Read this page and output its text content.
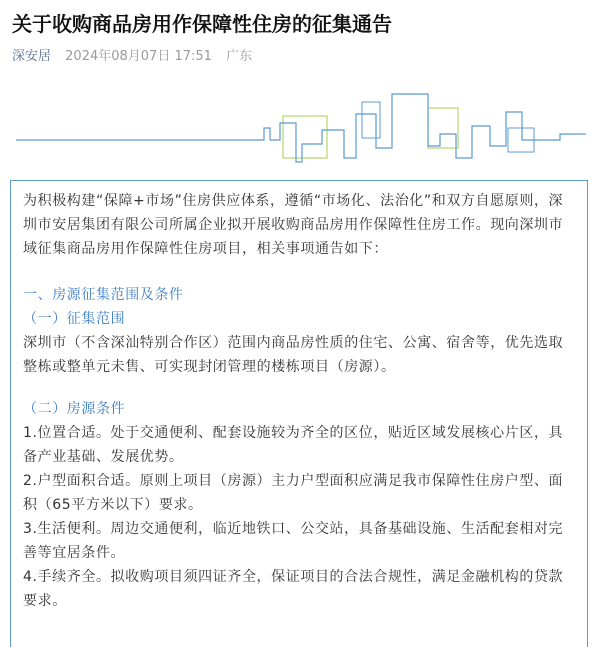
关于收购商品房用作保障性住房的征集通告
深安居 2024年08月07日 17:51 广东

为积极构建“保障+市场”住房供应体系，遵循“市场化、法治化”和双方自愿原则，深圳市安居集团有限公司所属企业拟开展收购商品房用作保障性住房工作。现向深圳市域征集商品房用作保障性住房项目，相关事项通告如下：

一、房源征集范围及条件

（一）征集范围

深圳市（不含深汕特别合作区）范围内商品房性质的住宅、公寓、宿舍等，优先选取整栋或整单元未售、可实现封闭管理的楼栋项目（房源）。

（二）房源条件

1.位置合适。处于交通便利、配套设施较为齐全的区位，贴近区域发展核心片区，具备产业基础、发展优势。

2.户型面积合适。原则上项目（房源）主力户型面积应满足我市保障性住房户型、面积（65平方米以下）要求。

3.生活便利。周边交通便利，临近地铁口、公交站，具备基础设施、生活配套相对完善等宜居条件。

4.手续齐全。拟收购项目须四证齐全，保证项目的合法合规性，满足金融机构的贷款要求。
